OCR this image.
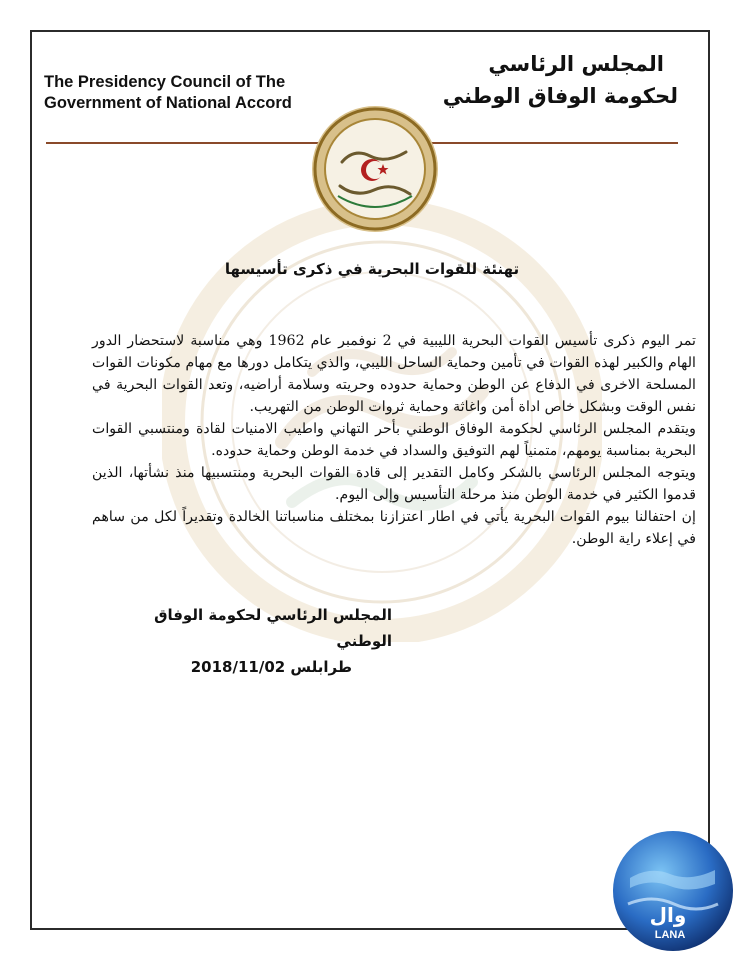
The Presidency Council of The
Government of National Accord
المجلس الرئاسي
لحكومة الوفاق الوطني
تهنئة للقوات البحرية في ذكرى تأسيسها

تمر اليوم ذكرى تأسيس القوات البحرية الليبية في 2 نوفمبر عام 1962 وهي مناسبة لاستحضار الدور الهام والكبير لهذه القوات في تأمين وحماية الساحل الليبي، والذي يتكامل دورها مع مهام مكونات القوات المسلحة الاخرى في الدفاع عن الوطن وحماية حدوده وحريته وسلامة أراضيه، وتعد القوات البحرية في نفس الوقت وبشكل خاص اداة أمن واغاثة وحماية ثروات الوطن من التهريب.

ويتقدم المجلس الرئاسي لحكومة الوفاق الوطني بأحر التهاني واطيب الامنيات لقادة ومنتسبي القوات البحرية بمناسبة يومهم، متمنياً لهم التوفيق والسداد في خدمة الوطن وحماية حدوده.

ويتوجه المجلس الرئاسي بالشكر وكامل التقدير إلى قادة القوات البحرية ومنتسبيها منذ نشأتها، الذين قدموا الكثير في خدمة الوطن منذ مرحلة التأسيس وإلى اليوم.

إن احتفالنا بيوم القوات البحرية يأتي في اطار اعتزازنا بمختلف مناسباتنا الخالدة وتقديراً لكل من ساهم في إعلاء راية الوطن.

المجلس الرئاسي لحكومة الوفاق الوطني
طرابلس 2018/11/02
وال
LANA
